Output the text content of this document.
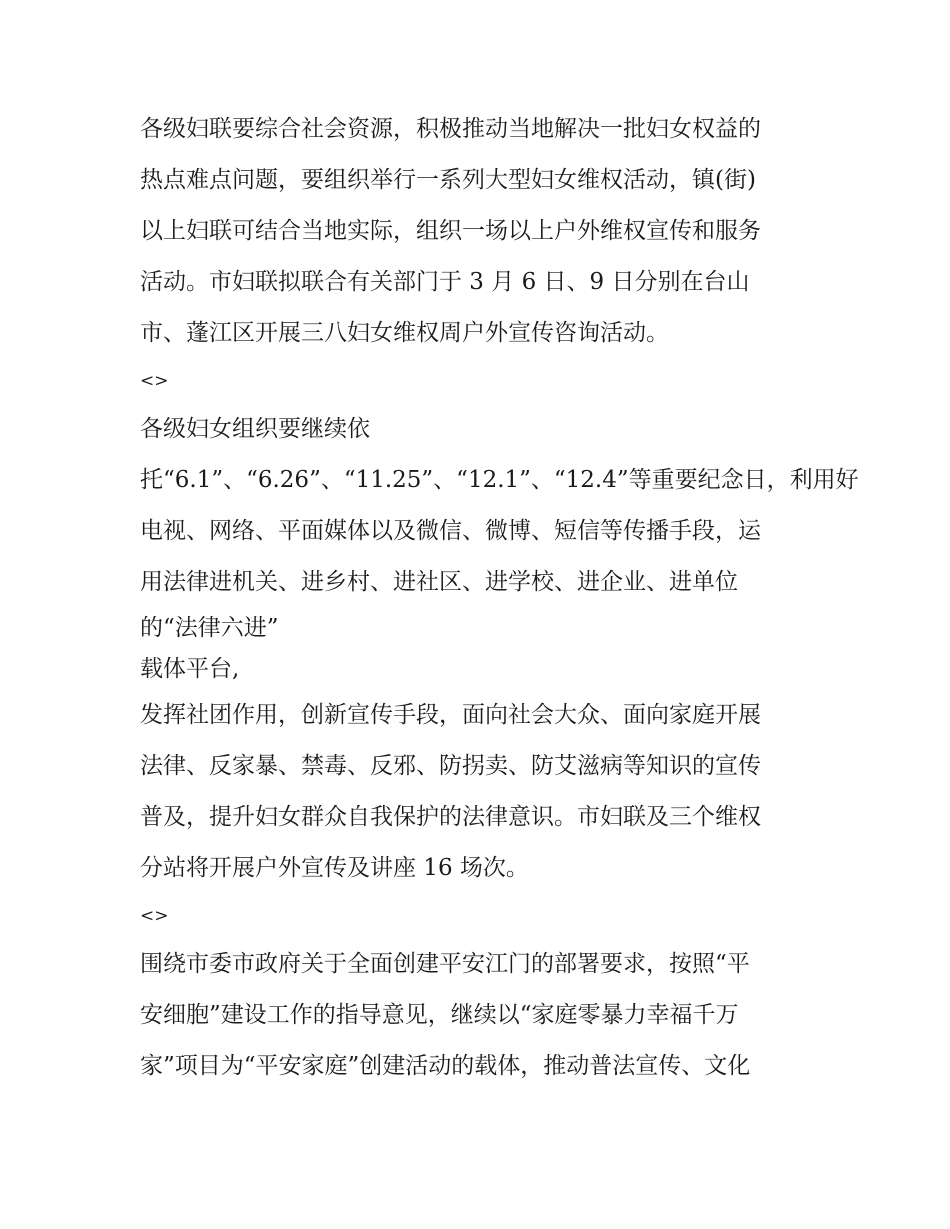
各级妇联要综合社会资源，积极推动当地解决一批妇女权益的
热点难点问题，要组织举行一系列大型妇女维权活动，镇(街)
以上妇联可结合当地实际，组织一场以上户外维权宣传和服务
活动。市妇联拟联合有关部门于 3 月 6 日、9 日分别在台山
市、蓬江区开展三八妇女维权周户外宣传咨询活动。
<>
各级妇女组织要继续依
托“6.1”、“6.26”、“11.25”、“12.1”、“12.4”等重要纪念日，利用好
电视、网络、平面媒体以及微信、微博、短信等传播手段，运
用法律进机关、进乡村、进社区、进学校、进企业、进单位
的“法律六进”
载体平台,
发挥社团作用，创新宣传手段，面向社会大众、面向家庭开展
法律、反家暴、禁毒、反邪、防拐卖、防艾滋病等知识的宣传
普及，提升妇女群众自我保护的法律意识。市妇联及三个维权
分站将开展户外宣传及讲座 16 场次。
<>
围绕市委市政府关于全面创建平安江门的部署要求，按照“平
安细胞”建设工作的指导意见，继续以“家庭零暴力幸福千万
家”项目为“平安家庭”创建活动的载体，推动普法宣传、文化
